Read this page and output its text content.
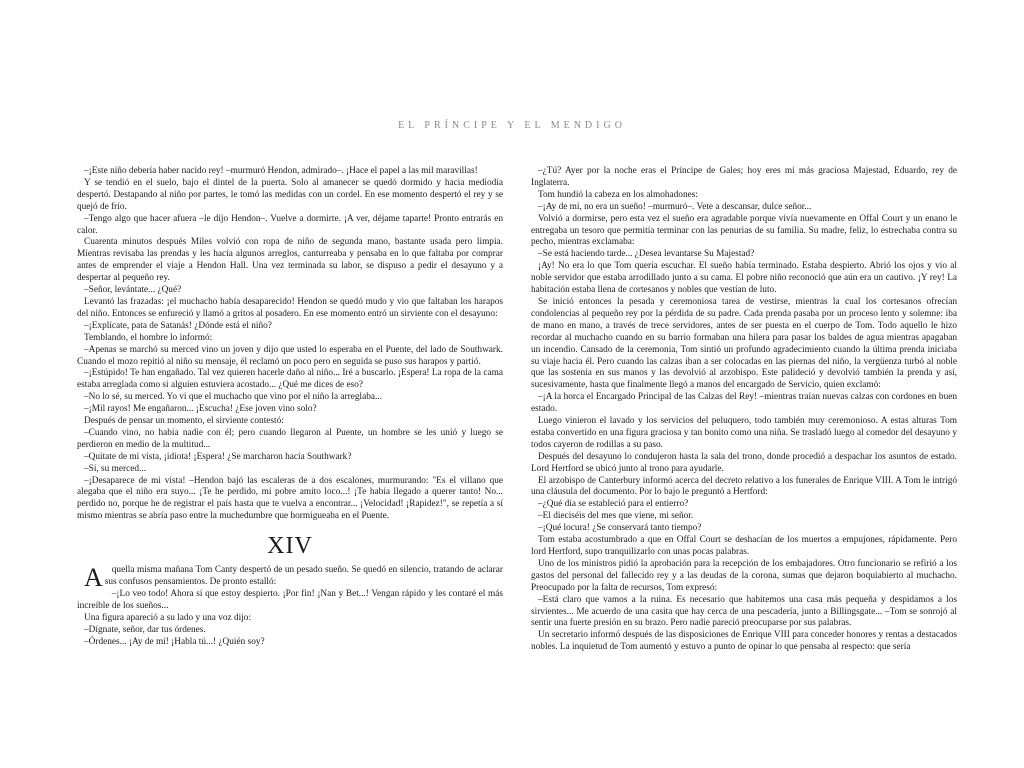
EL PRÍNCIPE Y EL MENDIGO

–¡Este niño debería haber nacido rey! –murmuró Hendon, admirado–. ¡Hace el papel a las mil maravillas!

Y se tendió en el suelo, bajo el dintel de la puerta. Solo al amanecer se quedó dormido y hacia mediodía despertó. Destapando al niño por partes, le tomó las medidas con un cordel. En ese momento despertó el rey y se quejó de frío.

–Tengo algo que hacer afuera –le dijo Hendon–. Vuelve a dormirte. ¡A ver, déjame taparte! Pronto entrarás en calor.

Cuarenta minutos después Miles volvió con ropa de niño de segunda mano, bastante usada pero limpia. Mientras revisaba las prendas y les hacía algunos arreglos, canturreaba y pensaba en lo que faltaba por comprar antes de emprender el viaje a Hendon Hall. Una vez terminada su labor, se dispuso a pedir el desayuno y a despertar al pequeño rey.

–Señor, levántate... ¿Qué?

Levantó las frazadas: ¡el muchacho había desaparecido! Hendon se quedó mudo y vio que faltaban los harapos del niño. Entonces se enfureció y llamó a gritos al posadero. En ese momento entró un sirviente con el desayuno:

–¡Explícate, pata de Satanás! ¿Dónde está el niño?

Temblando, el hombre lo informó:

–Apenas se marchó su merced vino un joven y dijo que usted lo esperaba en el Puente, del lado de Southwark. Cuando el mozo repitió al niño su mensaje, él reclamó un poco pero en seguida se puso sus harapos y partió.

–¡Estúpido! Te han engañado. Tal vez quieren hacerle daño al niño... Iré a buscarlo. ¡Espera! La ropa de la cama estaba arreglada como si alguien estuviera acostado... ¿Qué me dices de eso?

–No lo sé, su merced. Yo vi que el muchacho que vino por el niño la arreglaba...

–¡Mil rayos! Me engañaron... ¡Escucha! ¿Ese joven vino solo?

Después de pensar un momento, el sirviente contestó:

–Cuando vino, no había nadie con él; pero cuando llegaron al Puente, un hombre se les unió y luego se perdieron en medio de la multitud...

–Quítate de mi vista, ¡idiota! ¡Espera! ¿Se marcharon hacia Southwark?

–Sí, su merced...

–¡Desaparece de mi vista! –Hendon bajó las escaleras de a dos escalones, murmurando: "Es el villano que alegaba que el niño era suyo... ¡Te he perdido, mi pobre amito loco...! ¡Te había llegado a querer tanto! No... perdido no, porque he de registrar el país hasta que te vuelva a encontrar... ¡Velocidad! ¡Rapidez!", se repetía a sí mismo mientras se abría paso entre la muchedumbre que hormigueaba en el Puente.

XIV

Aquella misma mañana Tom Canty despertó de un pesado sueño. Se quedó en silencio, tratando de aclarar sus confusos pensamientos. De pronto estalló:

–¡Lo veo todo! Ahora sí que estoy despierto. ¡Por fin! ¡Nan y Bet...! Vengan rápido y les contaré el más increíble de los sueños...

Una figura apareció a su lado y una voz dijo:

–Dígnate, señor, dar tus órdenes.

–Órdenes... ¡Ay de mí! ¡Habla tú...! ¿Quién soy?

–¿Tú? Ayer por la noche eras el Príncipe de Gales; hoy eres mi más graciosa Majestad, Eduardo, rey de Inglaterra.

Tom hundió la cabeza en los almohadones:

–¡Ay de mí, no era un sueño! –murmuró–. Vete a descansar, dulce señor...

Volvió a dormirse, pero esta vez el sueño era agradable porque vivía nuevamente en Offal Court y un enano le entregaba un tesoro que permitía terminar con las penurias de su familia. Su madre, feliz, lo estrechaba contra su pecho, mientras exclamaba:

–Se está haciendo tarde... ¿Desea levantarse Su Majestad?

¡Ay! No era lo que Tom quería escuchar. El sueño había terminado. Estaba despierto. Abrió los ojos y vio al noble servidor que estaba arrodillado junto a su cama. El pobre niño reconoció que aún era un cautivo. ¡Y rey! La habitación estaba llena de cortesanos y nobles que vestían de luto.

Se inició entonces la pesada y ceremoniosa tarea de vestirse, mientras la cual los cortesanos ofrecían condolencias al pequeño rey por la pérdida de su padre. Cada prenda pasaba por un proceso lento y solemne: iba de mano en mano, a través de trece servidores, antes de ser puesta en el cuerpo de Tom. Todo aquello le hizo recordar al muchacho cuando en su barrio formaban una hilera para pasar los baldes de agua mientras apagaban un incendio. Cansado de la ceremonia, Tom sintió un profundo agradecimiento cuando la última prenda iniciaba su viaje hacia él. Pero cuando las calzas iban a ser colocadas en las piernas del niño, la vergüenza turbó al noble que las sostenía en sus manos y las devolvió al arzobispo. Este palideció y devolvió también la prenda y así, sucesivamente, hasta que finalmente llegó a manos del encargado de Servicio, quien exclamó:

–¡A la horca el Encargado Principal de las Calzas del Rey! –mientras traían nuevas calzas con cordones en buen estado.

Luego vinieron el lavado y los servicios del peluquero, todo también muy ceremonioso. A estas alturas Tom estaba convertido en una figura graciosa y tan bonito como una niña. Se trasladó luego al comedor del desayuno y todos cayeron de rodillas a su paso.

Después del desayuno lo condujeron hasta la sala del trono, donde procedió a despachar los asuntos de estado. Lord Hertford se ubicó junto al trono para ayudarle.

El arzobispo de Canterbury informó acerca del decreto relativo a los funerales de Enrique VIII. A Tom le intrigó una cláusula del documento. Por lo bajo le preguntó a Hertford:

–¿Qué día se estableció para el entierro?

–El dieciséis del mes que viene, mi señor.

–¡Qué locura! ¿Se conservará tanto tiempo?

Tom estaba acostumbrado a que en Offal Court se deshacían de los muertos a empujones, rápidamente. Pero lord Hertford, supo tranquilizarlo con unas pocas palabras.

Uno de los ministros pidió la aprobación para la recepción de los embajadores. Otro funcionario se refirió a los gastos del personal del fallecido rey y a las deudas de la corona, sumas que dejaron boquiabierto al muchacho. Preocupado por la falta de recursos, Tom expresó:

–Está claro que vamos a la ruina. Es necesario que habitemos una casa más pequeña y despidamos a los sirvientes... Me acuerdo de una casita que hay cerca de una pescadería, junto a Billingsgate... –Tom se sonrojó al sentir una fuerte presión en su brazo. Pero nadie pareció preocuparse por sus palabras.

Un secretario informó después de las disposiciones de Enrique VIII para conceder honores y rentas a destacados nobles. La inquietud de Tom aumentó y estuvo a punto de opinar lo que pensaba al respecto: que sería
